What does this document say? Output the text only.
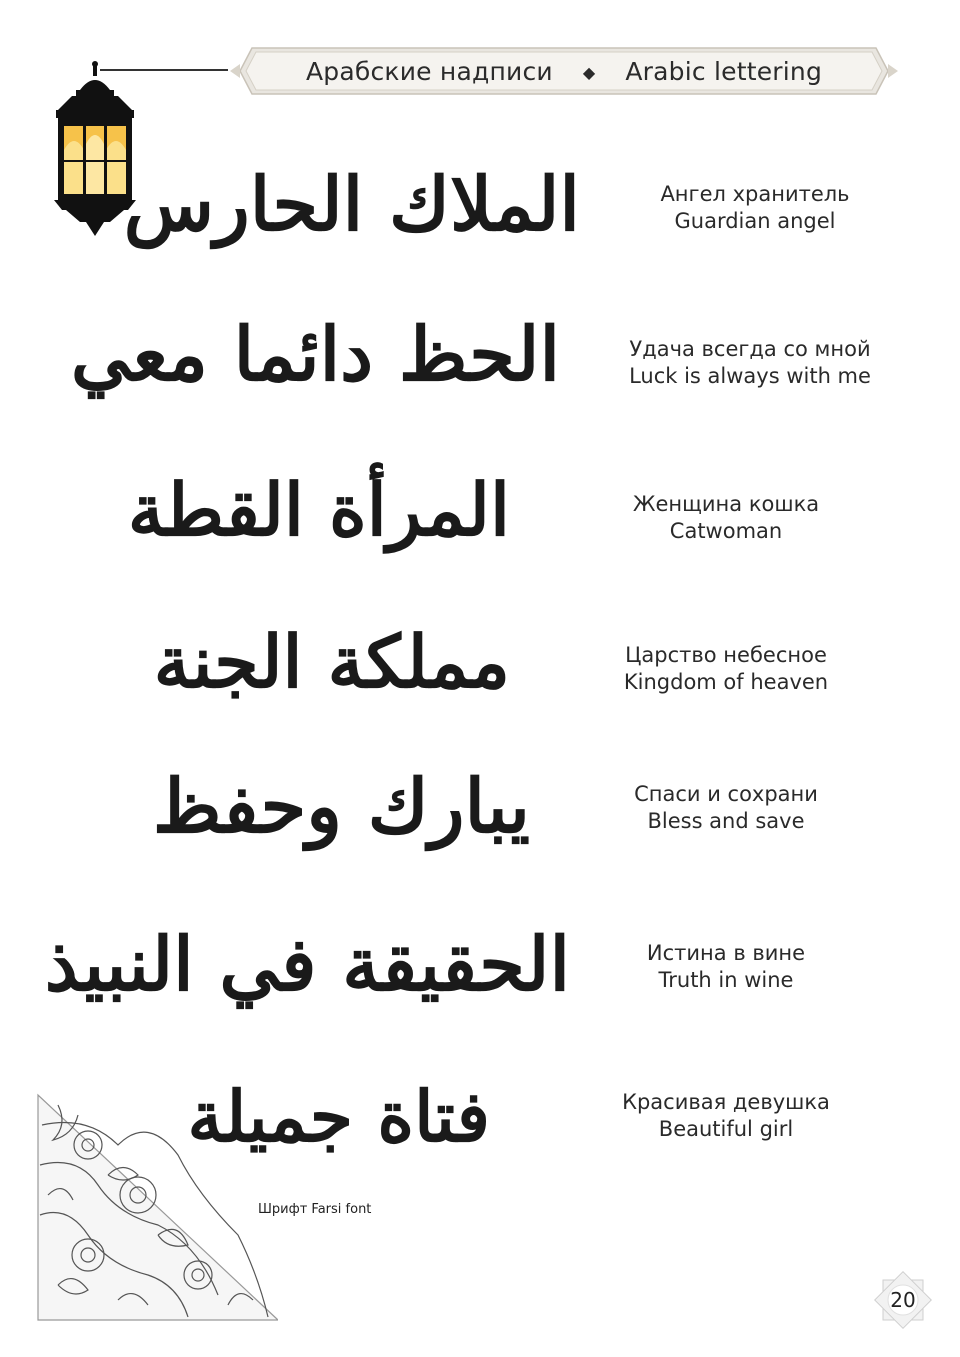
Арабские надписи ◆ Arabic lettering
الملاك الحارس	Ангел хранитель
Guardian angel
الحظ دائما معي	Удача всегда со мной
Luck is always with me
المرأة القطة	Женщина кошка
Catwoman
مملكة الجنة	Царство небесное
Kingdom of heaven
يبارك وحفظ	Спаси и сохрани
Bless and save
الحقيقة في النبيذ	Истина в вине
Truth in wine
فتاة جميلة	Красивая девушка
Beautiful girl
Шрифт Farsi font
20
